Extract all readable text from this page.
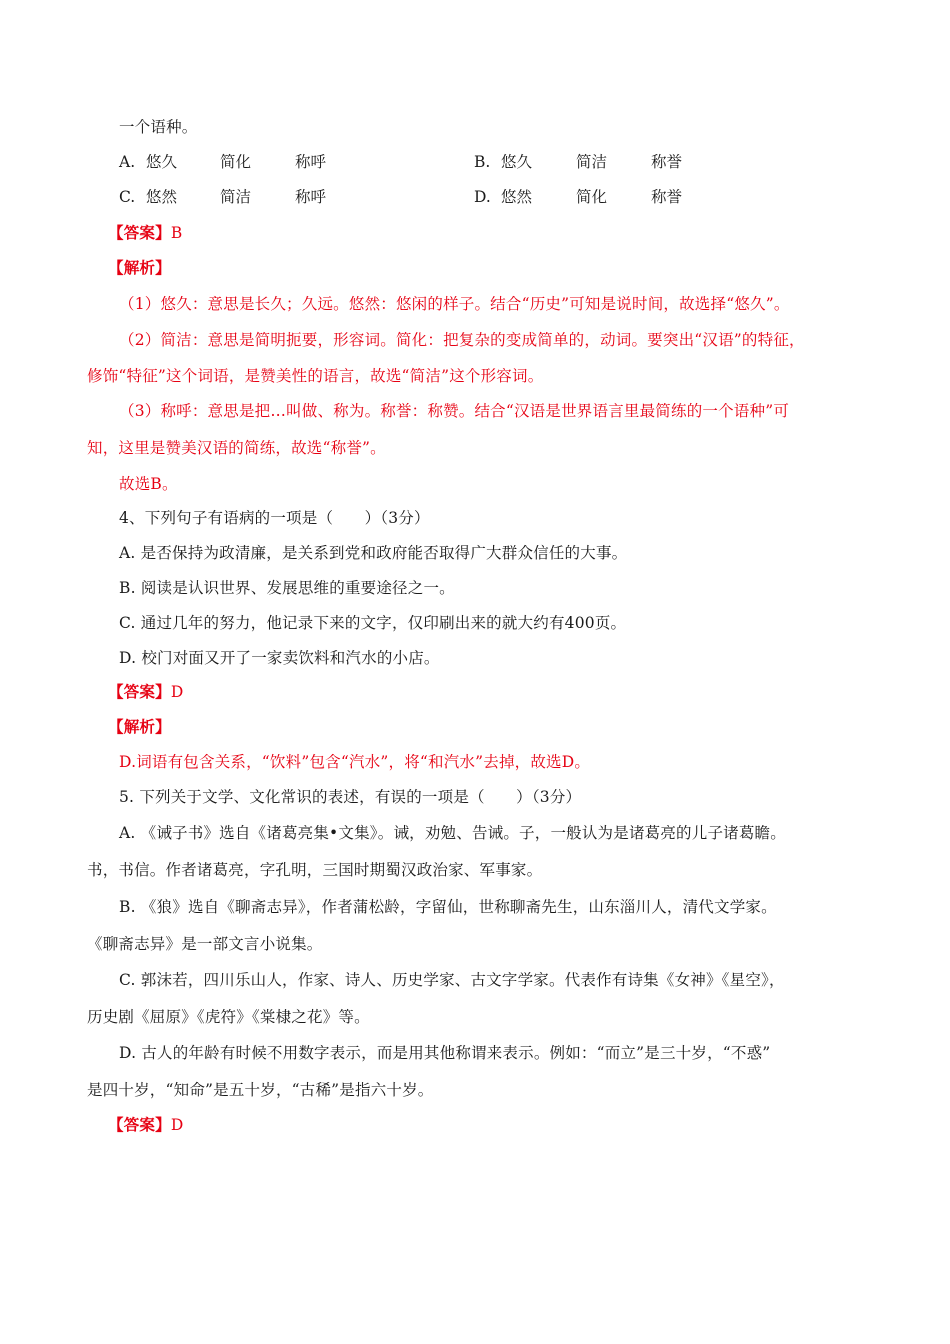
一个语种。
A. 悠久	简化	称呼	B. 悠久	简洁	称誉
C. 悠然	简洁	称呼	D. 悠然	简化	称誉
【答案】B
【解析】
（1）悠久：意思是长久；久远。悠然：悠闲的样子。结合“历史”可知是说时间，故选择“悠久”。
（2）简洁：意思是简明扼要，形容词。简化：把复杂的变成简单的，动词。要突出“汉语”的特征，
修饰“特征”这个词语，是赞美性的语言，故选“简洁”这个形容词。
（3）称呼：意思是把…叫做、称为。称誉：称赞。结合“汉语是世界语言里最简练的一个语种”可
知，这里是赞美汉语的简练，故选“称誉”。
故选B。
4、下列句子有语病的一项是（　　）（3分）
A. 是否保持为政清廉，是关系到党和政府能否取得广大群众信任的大事。
B. 阅读是认识世界、发展思维的重要途径之一。
C. 通过几年的努力，他记录下来的文字，仅印刷出来的就大约有400页。
D. 校门对面又开了一家卖饮料和汽水的小店。
【答案】D
【解析】
D.词语有包含关系，“饮料”包含“汽水”，将“和汽水”去掉，故选D。
5. 下列关于文学、文化常识的表述，有误的一项是（　　）（3分）
A. 《诫子书》选自《诸葛亮集•文集》。诫，劝勉、告诫。子，一般认为是诸葛亮的儿子诸葛瞻。
书，书信。作者诸葛亮，字孔明，三国时期蜀汉政治家、军事家。
B. 《狼》选自《聊斋志异》，作者蒲松龄，字留仙，世称聊斋先生，山东淄川人，清代文学家。
《聊斋志异》是一部文言小说集。
C. 郭沫若，四川乐山人，作家、诗人、历史学家、古文字学家。代表作有诗集《女神》《星空》，
历史剧《屈原》《虎符》《棠棣之花》等。
D. 古人的年龄有时候不用数字表示，而是用其他称谓来表示。例如：“而立”是三十岁，“不惑”
是四十岁，“知命”是五十岁，“古稀”是指六十岁。
【答案】D
